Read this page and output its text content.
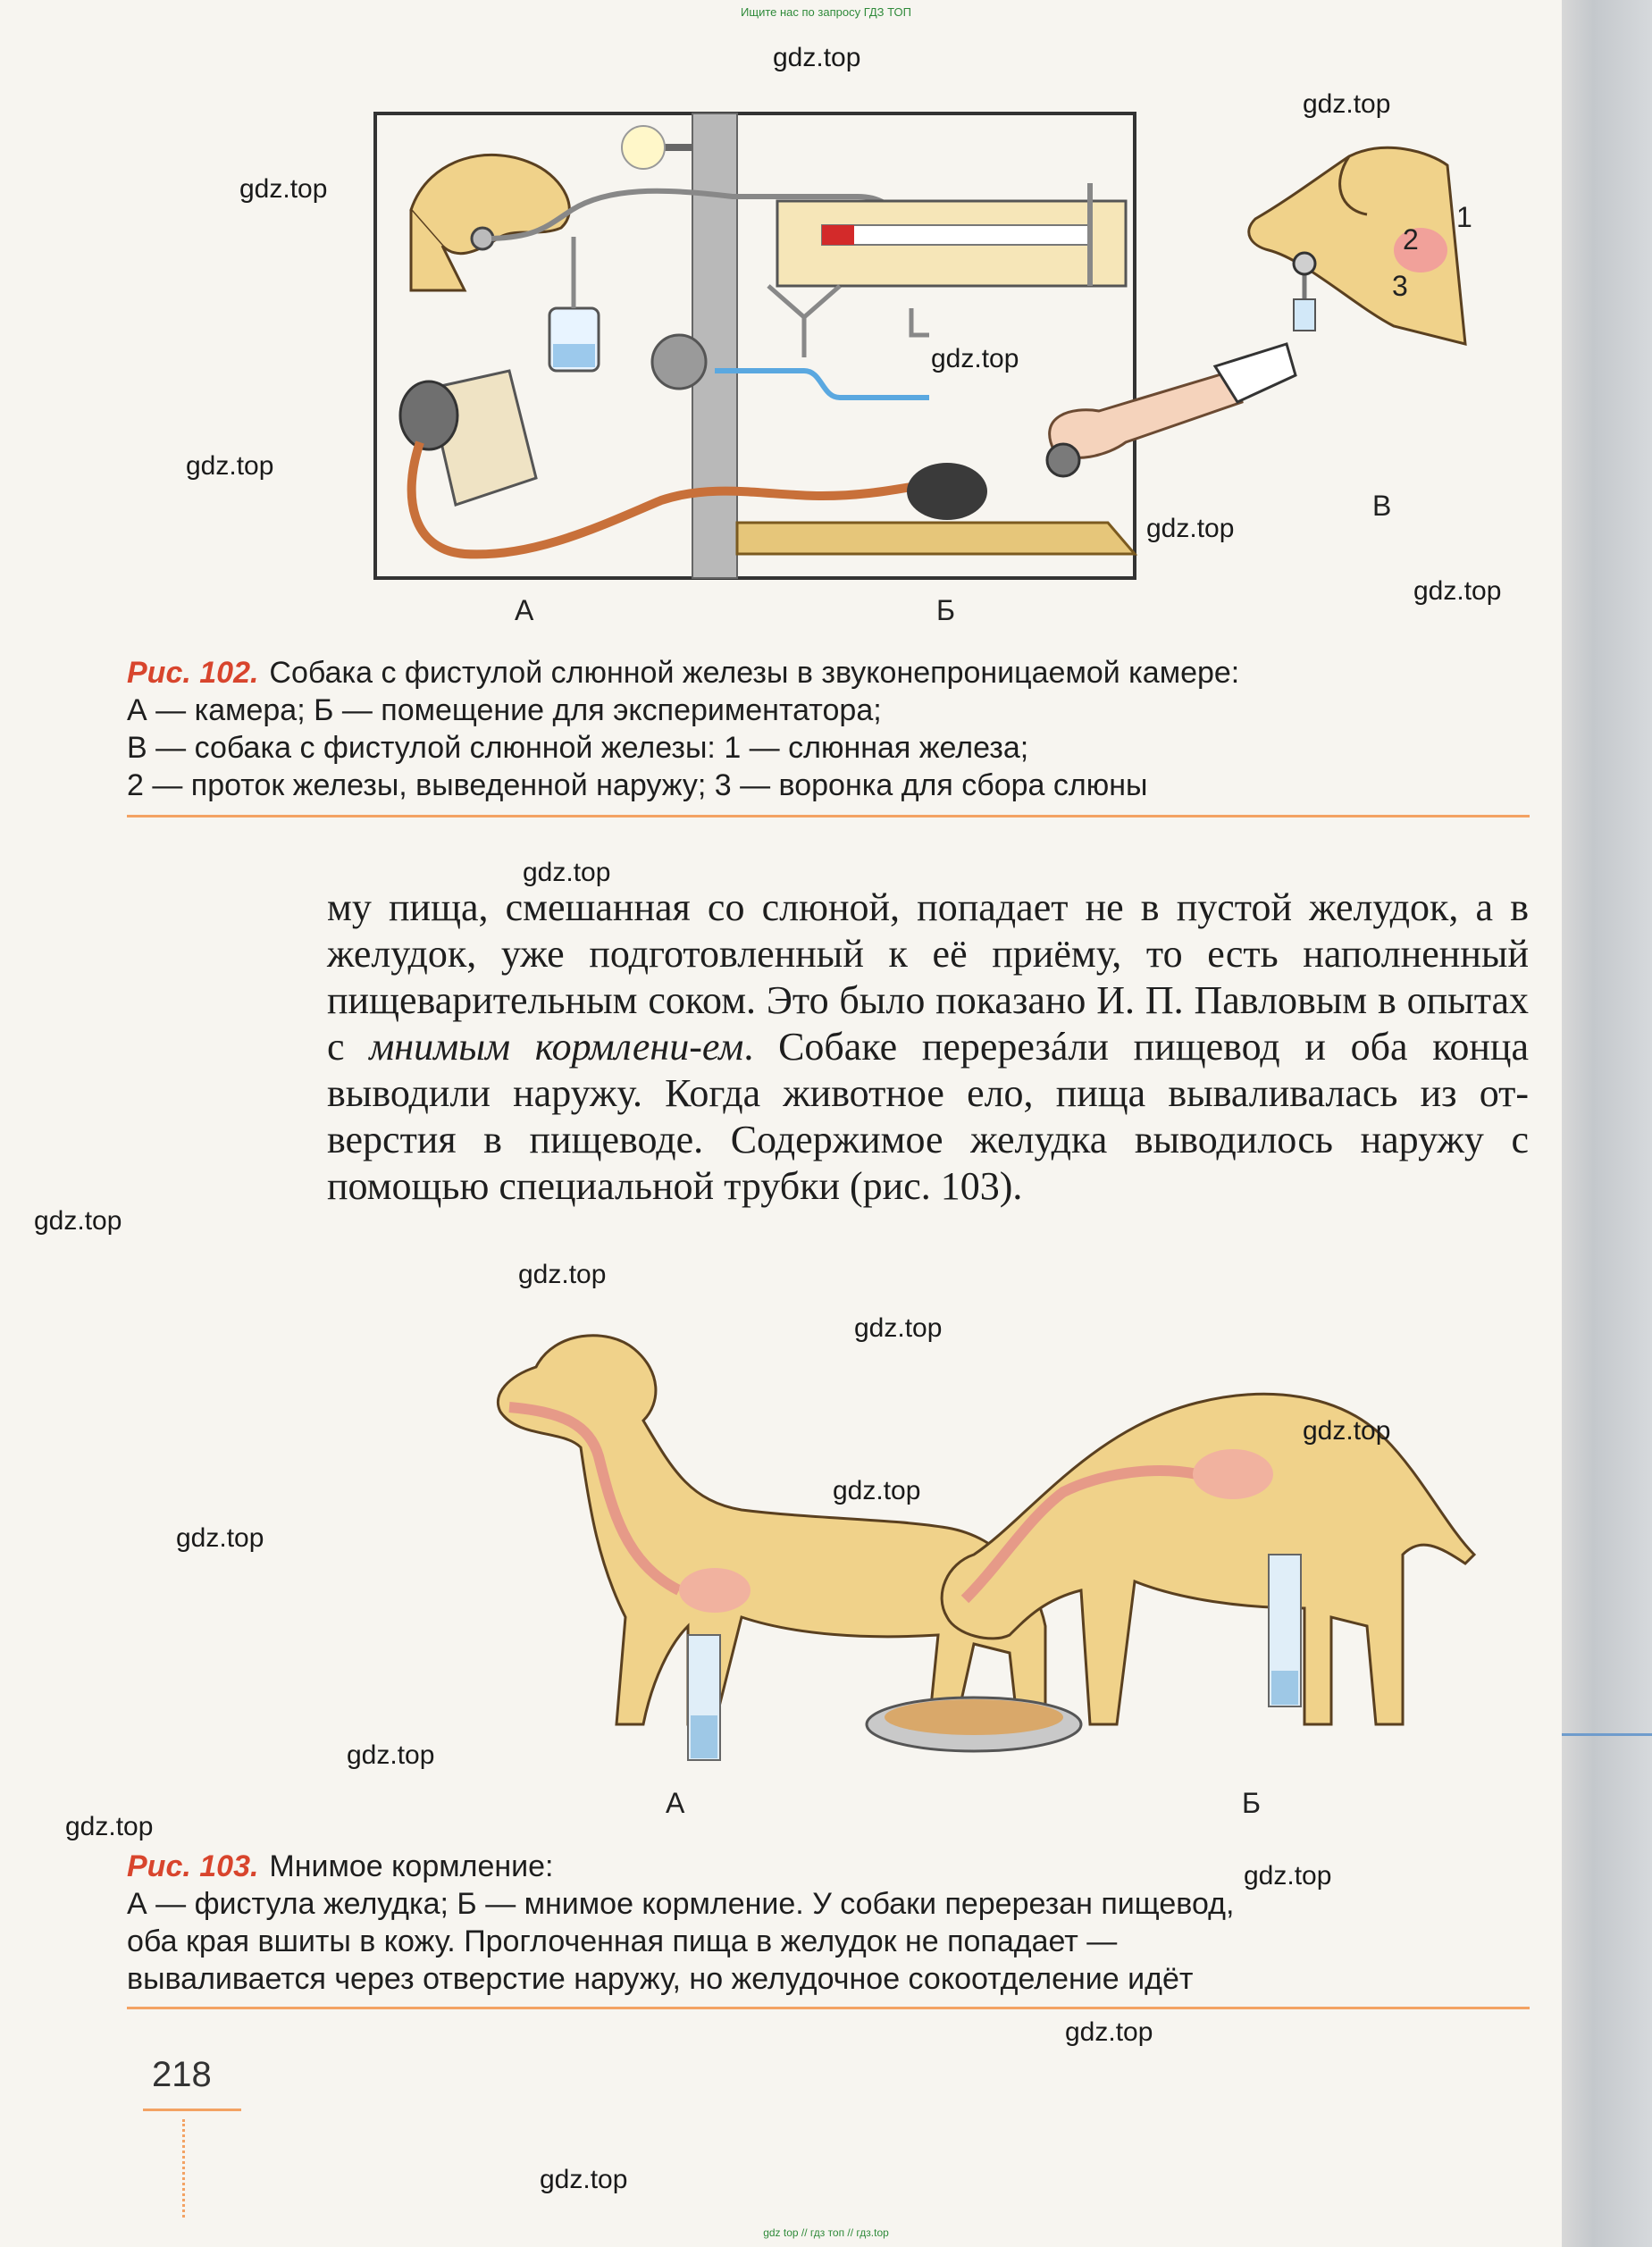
Ищите нас по запросу ГДЗ ТОП
А	Б
В
1
2
3
Рис. 102. Собака с фистулой слюнной железы в звуконепроницаемой камере:
А — камера; Б — помещение для экспериментатора;
В — собака с фистулой слюнной железы: 1 — слюнная железа;
2 — проток железы, выведенной наружу; 3 — воронка для сбора слюны
му пища, смешанная со слюной, попадает не в пустой желудок, а в желудок, уже подготовленный к её приёму, то есть наполненный пищеварительным соком. Это было показано И. П. Павловым в опытах с мнимым кормлени-ем. Собаке перерезáли пищевод и оба конца выводили наружу. Когда животное ело, пища вываливалась из от-верстия в пищеводе. Содержимое желудка выводилось наружу с помощью специальной трубки (рис. 103).
А	Б
Рис. 103. Мнимое кормление:
А — фистула желудка; Б — мнимое кормление. У собаки перерезан пищевод,
оба края вшиты в кожу. Проглоченная пища в желудок не попадает —
вываливается через отверстие наружу, но желудочное сокоотделение идёт
218
gdz.top
gdz.top
gdz.top
gdz.top
gdz.top
gdz.top
gdz.top
gdz.top
gdz.top
gdz.top
gdz.top
gdz.top
gdz.top
gdz.top
gdz.top
gdz.top
gdz.top
gdz.top
gdz.top
gdz top // гдз топ // гдз.top
